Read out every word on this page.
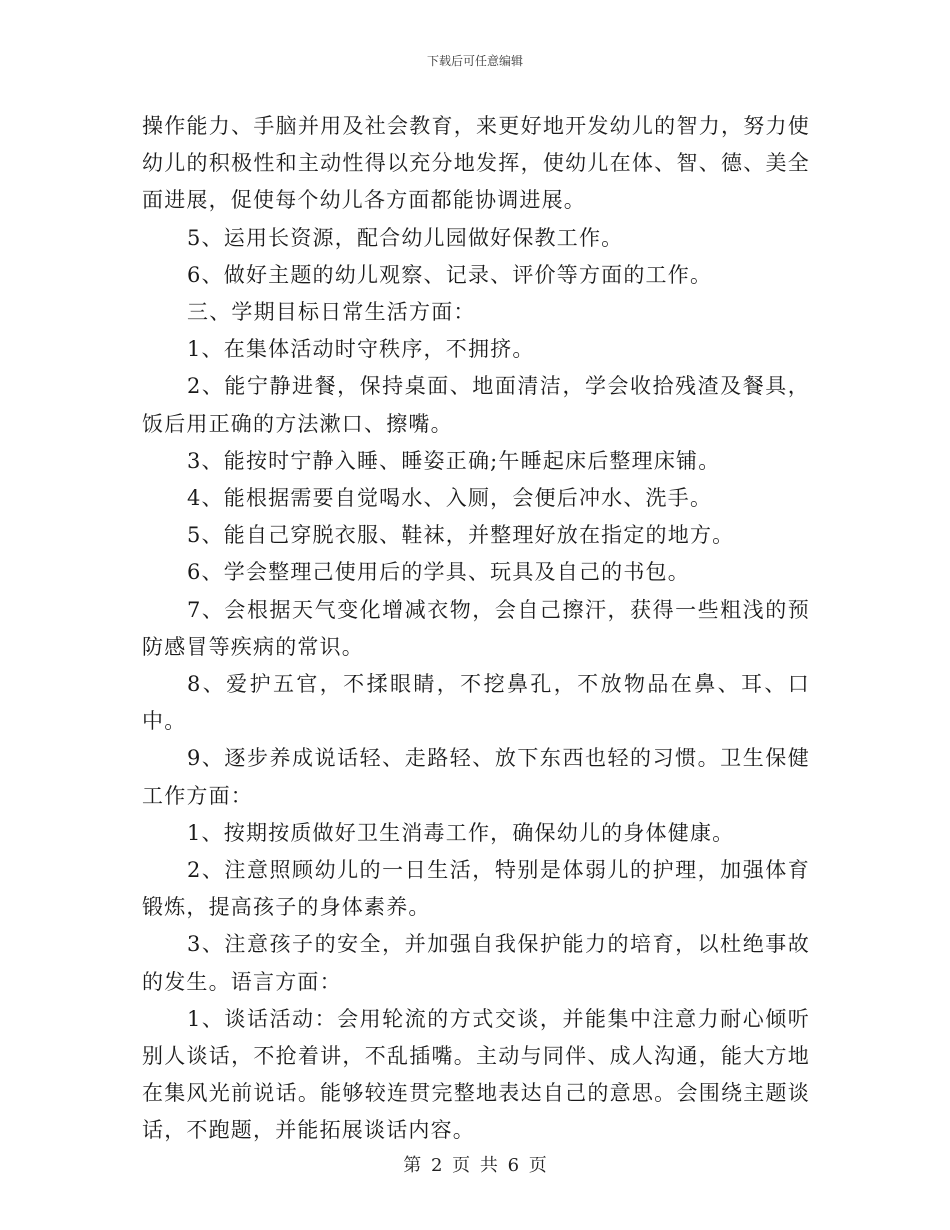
下载后可任意编辑

操作能力、手脑并用及社会教育，来更好地开发幼儿的智力，努力使幼儿的积极性和主动性得以充分地发挥，使幼儿在体、智、德、美全面进展，促使每个幼儿各方面都能协调进展。

5、运用长资源，配合幼儿园做好保教工作。

6、做好主题的幼儿观察、记录、评价等方面的工作。

三、学期目标日常生活方面：

1、在集体活动时守秩序，不拥挤。

2、能宁静进餐，保持桌面、地面清洁，学会收拾残渣及餐具，饭后用正确的方法漱口、擦嘴。

3、能按时宁静入睡、睡姿正确;午睡起床后整理床铺。

4、能根据需要自觉喝水、入厕，会便后冲水、洗手。

5、能自己穿脱衣服、鞋袜，并整理好放在指定的地方。

6、学会整理己使用后的学具、玩具及自己的书包。

7、会根据天气变化增减衣物，会自己擦汗，获得一些粗浅的预防感冒等疾病的常识。

8、爱护五官，不揉眼睛，不挖鼻孔，不放物品在鼻、耳、口中。

9、逐步养成说话轻、走路轻、放下东西也轻的习惯。卫生保健工作方面：

1、按期按质做好卫生消毒工作，确保幼儿的身体健康。

2、注意照顾幼儿的一日生活，特别是体弱儿的护理，加强体育锻炼，提高孩子的身体素养。

3、注意孩子的安全，并加强自我保护能力的培育，以杜绝事故的发生。语言方面：

1、谈话活动：会用轮流的方式交谈，并能集中注意力耐心倾听别人谈话，不抢着讲，不乱插嘴。主动与同伴、成人沟通，能大方地在集风光前说话。能够较连贯完整地表达自己的意思。会围绕主题谈话，不跑题，并能拓展谈话内容。

第 2 页 共 6 页
